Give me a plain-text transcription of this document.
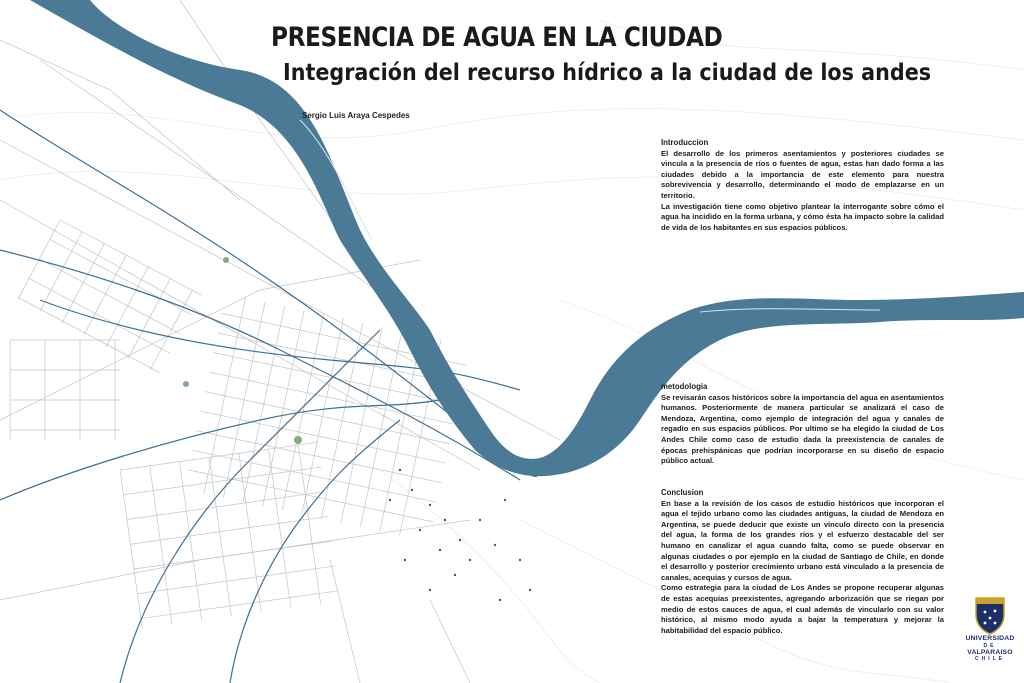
PRESENCIA DE AGUA EN LA CIUDAD
Integración del recurso hídrico a la ciudad de los andes
Sergio Luis Araya Cespedes
Introduccion

El desarrollo de los primeros asentamientos y posteriores ciudades se vincula a la presencia de ríos o fuentes de agua, estas han dado forma a las ciudades debido a la importancia de este elemento para nuestra sobrevivencia y desarrollo, determinando el modo de emplazarse en un territorio.

La investigación tiene como objetivo plantear la interrogante sobre cómo el agua ha incidido en la forma urbana, y cómo ésta ha impacto sobre la calidad de vida de los habitantes en sus espacios públicos.

metodologia

Se revisarán casos históricos sobre la importancia del agua en asentamientos humanos. Posteriormente de manera particular se analizará el caso de Mendoza, Argentina, como ejemplo de integración del agua y canales de regadío en sus espacios públicos. Por ultimo se ha elegido la ciudad de Los Andes Chile como caso de estudio dada la preexistencia de canales de épocas prehispánicas que podrían incorporarse en su diseño de espacio público actual.

Conclusion

En base a la revisión de los casos de estudio históricos que incorporan el agua el tejido urbano como las ciudades antiguas, la ciudad de Mendoza en Argentina, se puede deducir que existe un vínculo directo con la presencia del agua, la forma de los grandes ríos y el esfuerzo destacable del ser humano en canalizar el agua cuando falta, como se puede observar en algunas ciudades o por ejemplo en la ciudad de Santiago de Chile, en donde el desarrollo y posterior crecimiento urbano está vinculado a la presencia de canales, acequias y cursos de agua.

Como estrategia para la ciudad de Los Andes se propone recuperar algunas de estas acequias preexistentes, agregando arborización que se riegan por medio de estos cauces de agua, el cual además de vincularlo con su valor histórico, al mismo modo ayuda a bajar la temperatura y mejorar la habitabilidad del espacio público.

UNIVERSIDAD
DE
VALPARAISO
CHILE
